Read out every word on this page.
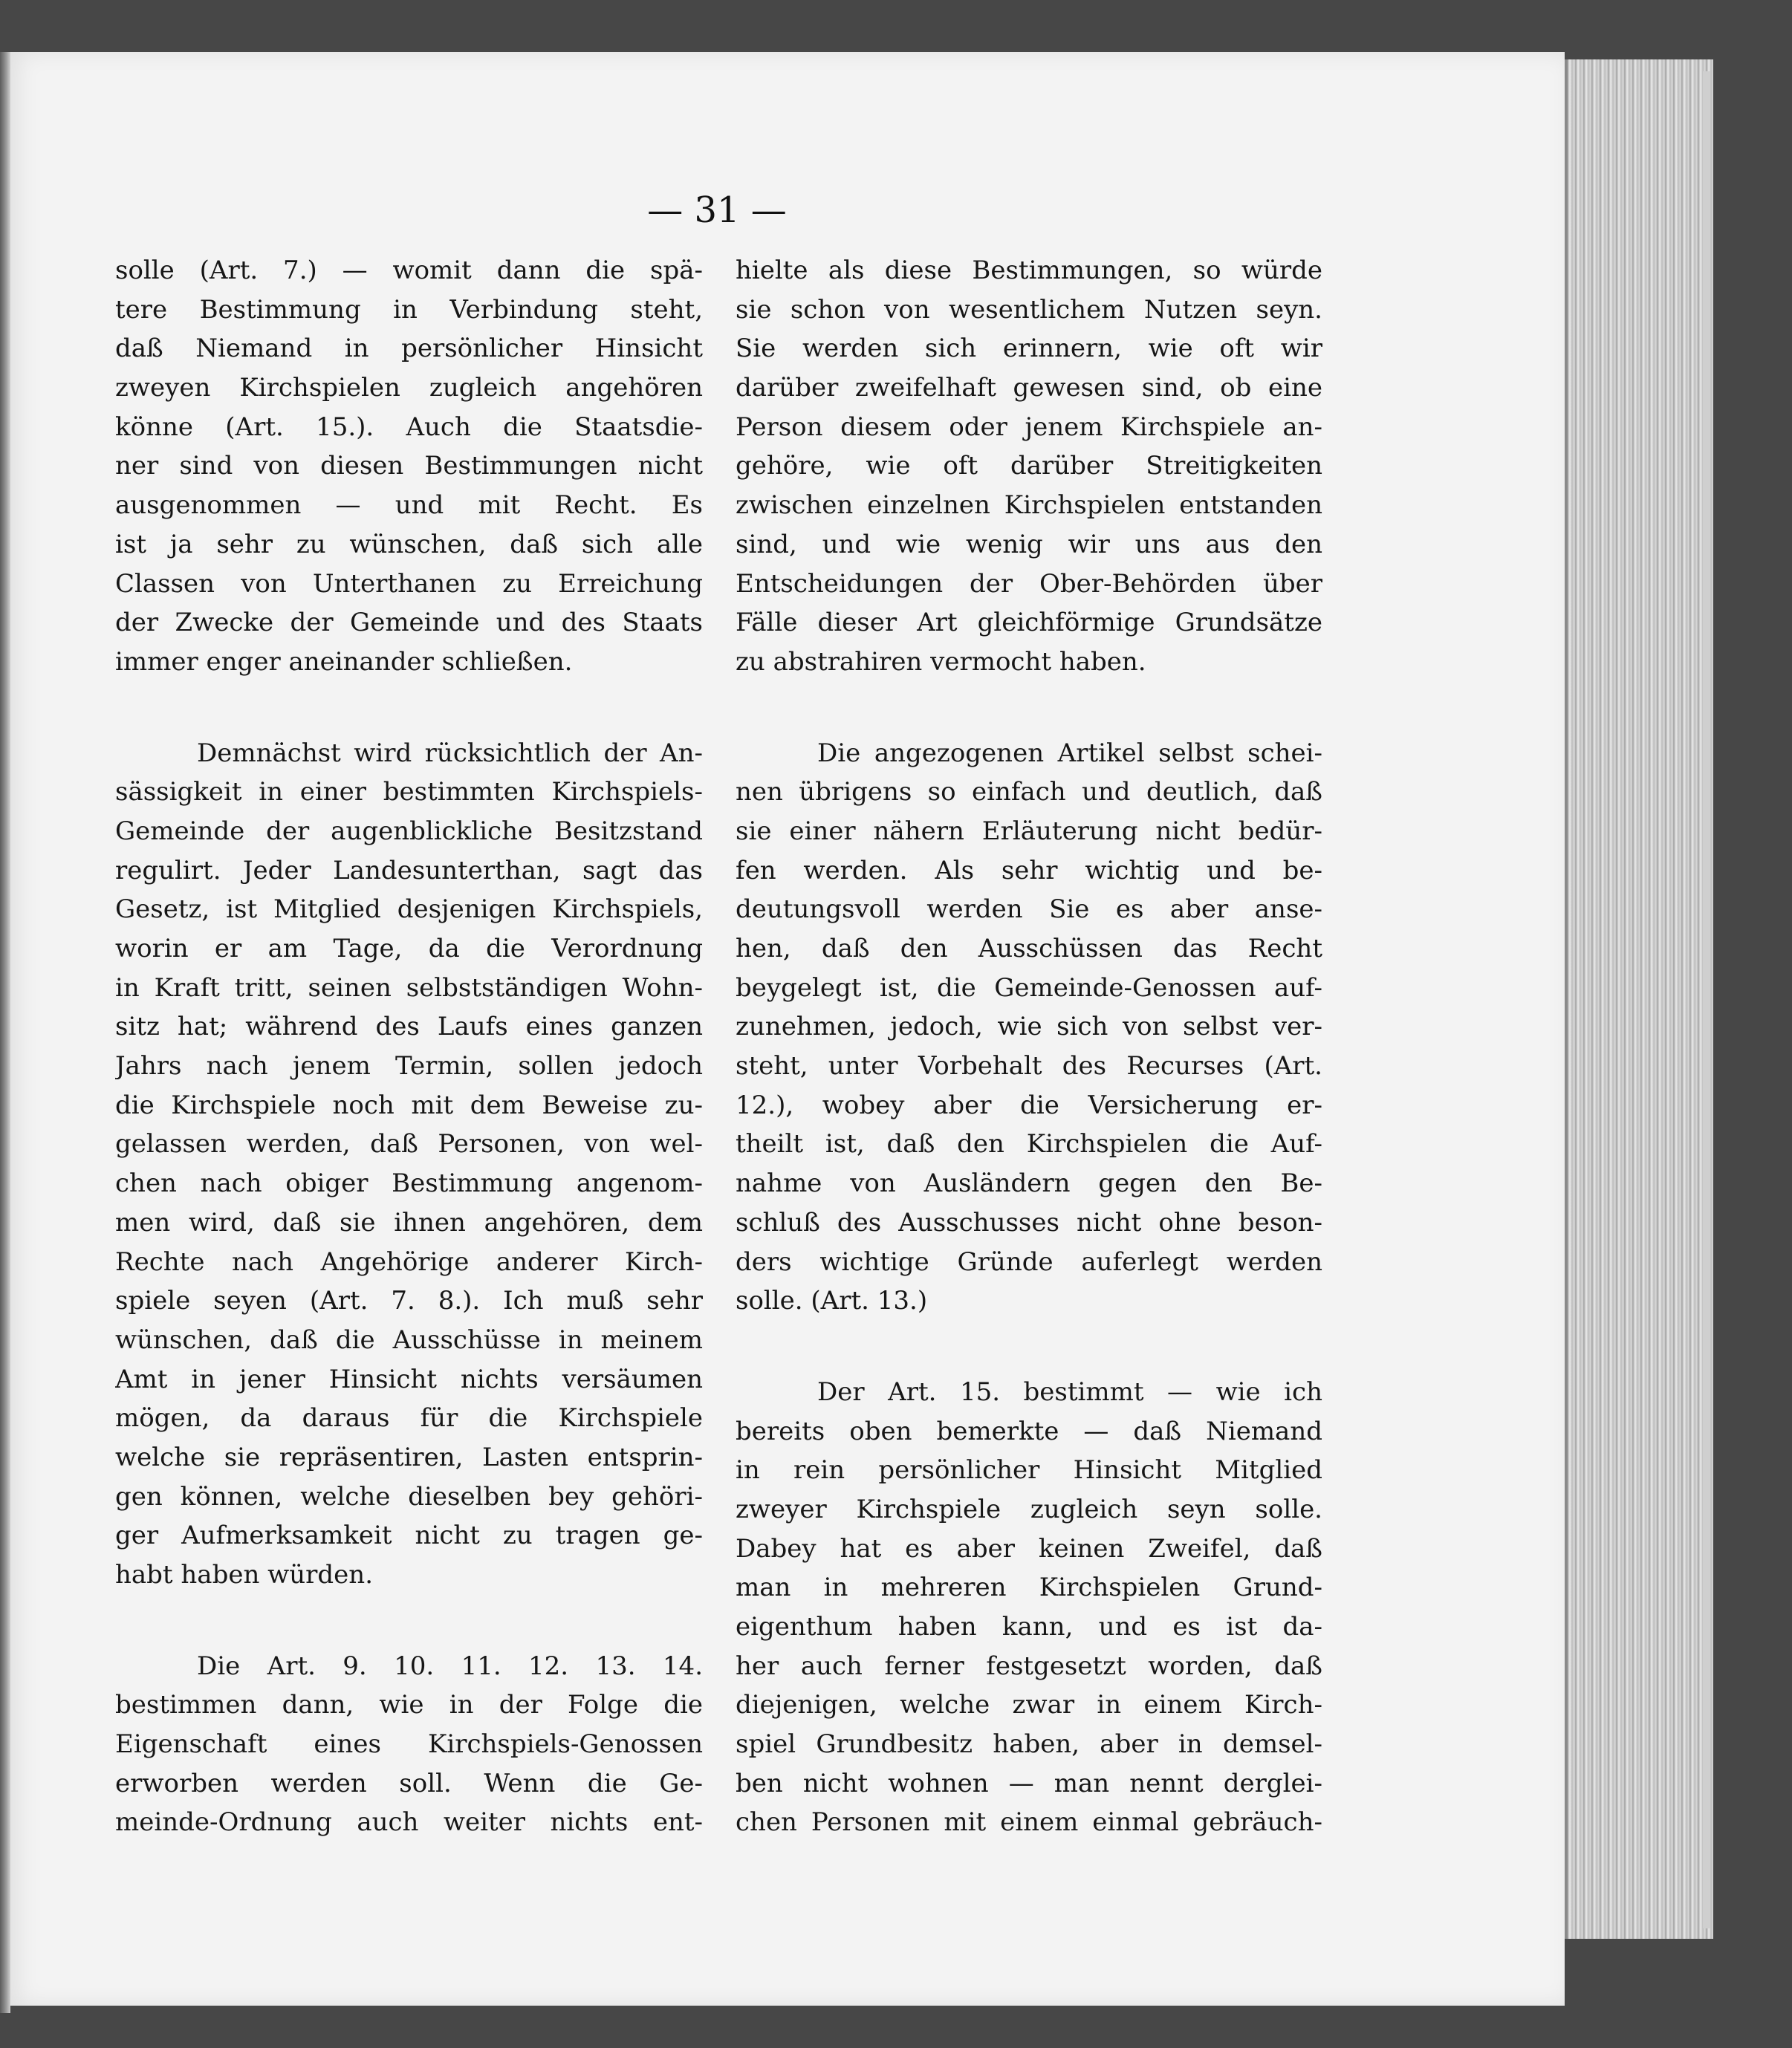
— 31 —
solle (Art. 7.) — womit dann die spä-
tere Bestimmung in Verbindung steht,
daß Niemand in persönlicher Hinsicht
zweyen Kirchspielen zugleich angehören
könne (Art. 15.). Auch die Staatsdie-
ner sind von diesen Bestimmungen nicht
ausgenommen — und mit Recht. Es
ist ja sehr zu wünschen, daß sich alle
Classen von Unterthanen zu Erreichung
der Zwecke der Gemeinde und des Staats
immer enger aneinander schließen.
Demnächst wird rücksichtlich der An-
sässigkeit in einer bestimmten Kirchspiels-
Gemeinde der augenblickliche Besitzstand
regulirt. Jeder Landesunterthan, sagt das
Gesetz, ist Mitglied desjenigen Kirchspiels,
worin er am Tage, da die Verordnung
in Kraft tritt, seinen selbstständigen Wohn-
sitz hat; während des Laufs eines ganzen
Jahrs nach jenem Termin, sollen jedoch
die Kirchspiele noch mit dem Beweise zu-
gelassen werden, daß Personen, von wel-
chen nach obiger Bestimmung angenom-
men wird, daß sie ihnen angehören, dem
Rechte nach Angehörige anderer Kirch-
spiele seyen (Art. 7. 8.). Ich muß sehr
wünschen, daß die Ausschüsse in meinem
Amt in jener Hinsicht nichts versäumen
mögen, da daraus für die Kirchspiele
welche sie repräsentiren, Lasten entsprin-
gen können, welche dieselben bey gehöri-
ger Aufmerksamkeit nicht zu tragen ge-
habt haben würden.
Die Art. 9. 10. 11. 12. 13. 14.
bestimmen dann, wie in der Folge die
Eigenschaft eines Kirchspiels-Genossen
erworben werden soll. Wenn die Ge-
meinde-Ordnung auch weiter nichts ent-
hielte als diese Bestimmungen, so würde
sie schon von wesentlichem Nutzen seyn.
Sie werden sich erinnern, wie oft wir
darüber zweifelhaft gewesen sind, ob eine
Person diesem oder jenem Kirchspiele an-
gehöre, wie oft darüber Streitigkeiten
zwischen einzelnen Kirchspielen entstanden
sind, und wie wenig wir uns aus den
Entscheidungen der Ober-Behörden über
Fälle dieser Art gleichförmige Grundsätze
zu abstrahiren vermocht haben.
Die angezogenen Artikel selbst schei-
nen übrigens so einfach und deutlich, daß
sie einer nähern Erläuterung nicht bedür-
fen werden. Als sehr wichtig und be-
deutungsvoll werden Sie es aber anse-
hen, daß den Ausschüssen das Recht
beygelegt ist, die Gemeinde-Genossen auf-
zunehmen, jedoch, wie sich von selbst ver-
steht, unter Vorbehalt des Recurses (Art.
12.), wobey aber die Versicherung er-
theilt ist, daß den Kirchspielen die Auf-
nahme von Ausländern gegen den Be-
schluß des Ausschusses nicht ohne beson-
ders wichtige Gründe auferlegt werden
solle. (Art. 13.)
Der Art. 15. bestimmt — wie ich
bereits oben bemerkte — daß Niemand
in rein persönlicher Hinsicht Mitglied
zweyer Kirchspiele zugleich seyn solle.
Dabey hat es aber keinen Zweifel, daß
man in mehreren Kirchspielen Grund-
eigenthum haben kann, und es ist da-
her auch ferner festgesetzt worden, daß
diejenigen, welche zwar in einem Kirch-
spiel Grundbesitz haben, aber in demsel-
ben nicht wohnen — man nennt derglei-
chen Personen mit einem einmal gebräuch-
